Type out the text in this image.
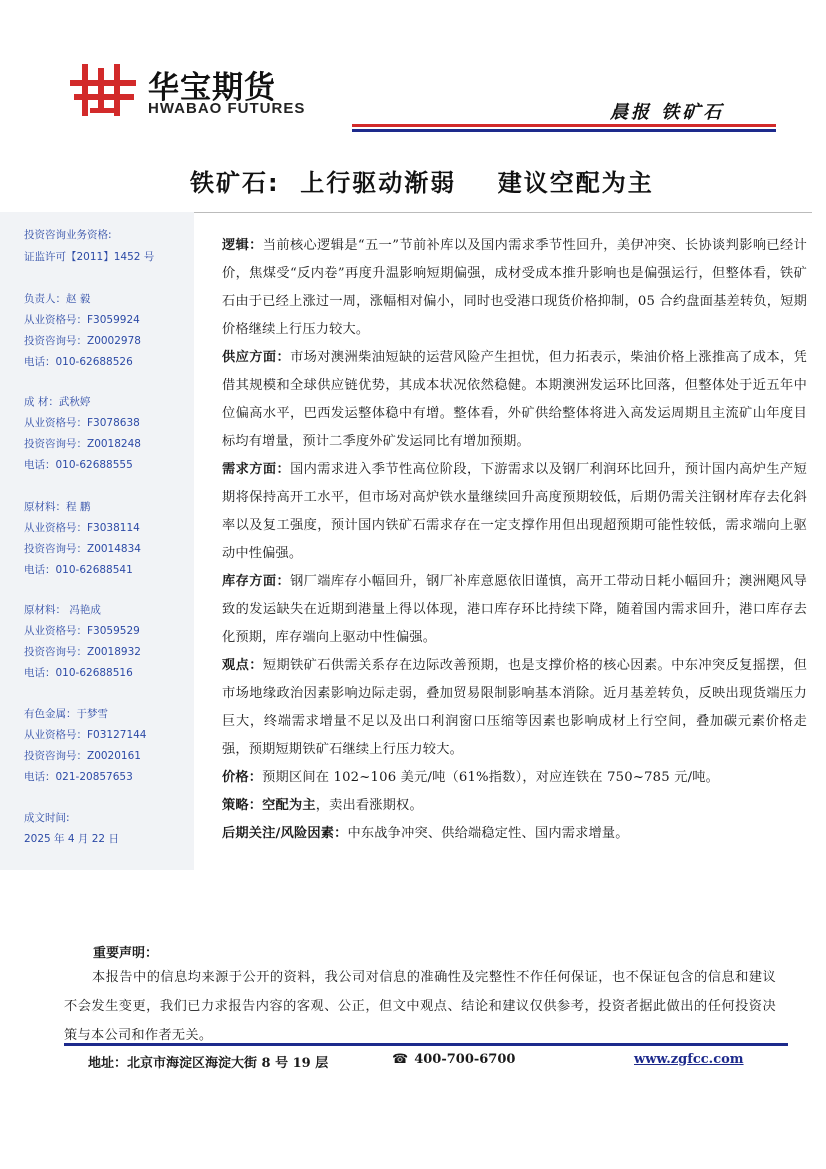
华宝期货
HWABAO FUTURES	晨报 铁矿石
铁矿石:  上行驱动渐弱    建议空配为主
投资咨询业务资格:
证监许可【2011】1452 号
负责人：赵 毅
从业资格号：F3059924
投资咨询号：Z0002978
电话：010-62688526
成 材：武秋婷
从业资格号：F3078638
投资咨询号：Z0018248
电话：010-62688555
原材料：程 鹏
从业资格号：F3038114
投资咨询号：Z0014834
电话：010-62688541
原材料： 冯艳成
从业资格号：F3059529
投资咨询号：Z0018932
电话：010-62688516
有色金属：于梦雪
从业资格号：F03127144
投资咨询号：Z0020161
电话：021-20857653
成文时间:
2025 年 4 月 22 日

逻辑：当前核心逻辑是“五一”节前补库以及国内需求季节性回升，美伊冲突、长协谈判影响已经计价，焦煤受“反内卷”再度升温影响短期偏强，成材受成本推升影响也是偏强运行，但整体看，铁矿石由于已经上涨过一周，涨幅相对偏小，同时也受港口现货价格抑制，05 合约盘面基差转负，短期价格继续上行压力较大。

供应方面：市场对澳洲柴油短缺的运营风险产生担忧，但力拓表示，柴油价格上涨推高了成本，凭借其规模和全球供应链优势，其成本状况依然稳健。本期澳洲发运环比回落，但整体处于近五年中位偏高水平，巴西发运整体稳中有增。整体看，外矿供给整体将进入高发运周期且主流矿山年度目标均有增量，预计二季度外矿发运同比有增加预期。

需求方面：国内需求进入季节性高位阶段，下游需求以及钢厂利润环比回升，预计国内高炉生产短期将保持高开工水平，但市场对高炉铁水量继续回升高度预期较低，后期仍需关注钢材库存去化斜率以及复工强度，预计国内铁矿石需求存在一定支撑作用但出现超预期可能性较低，需求端向上驱动中性偏强。

库存方面：钢厂端库存小幅回升，钢厂补库意愿依旧谨慎，高开工带动日耗小幅回升；澳洲飓风导致的发运缺失在近期到港量上得以体现，港口库存环比持续下降，随着国内需求回升，港口库存去化预期，库存端向上驱动中性偏强。

观点：短期铁矿石供需关系存在边际改善预期，也是支撑价格的核心因素。中东冲突反复摇摆，但市场地缘政治因素影响边际走弱，叠加贸易限制影响基本消除。近月基差转负，反映出现货端压力巨大，终端需求增量不足以及出口利润窗口压缩等因素也影响成材上行空间，叠加碳元素价格走强，预期短期铁矿石继续上行压力较大。

价格：预期区间在 102~106 美元/吨（61%指数），对应连铁在 750~785 元/吨。

策略：空配为主，卖出看涨期权。

后期关注/风险因素：中东战争冲突、供给端稳定性、国内需求增量。

重要声明：
本报告中的信息均来源于公开的资料，我公司对信息的准确性及完整性不作任何保证，也不保证包含的信息和建议不会发生变更，我们已力求报告内容的客观、公正，但文中观点、结论和建议仅供参考，投资者据此做出的任何投资决策与本公司和作者无关。
地址：北京市海淀区海淀大街 8 号 19 层	☎ 400-700-6700	www.zgfcc.com
